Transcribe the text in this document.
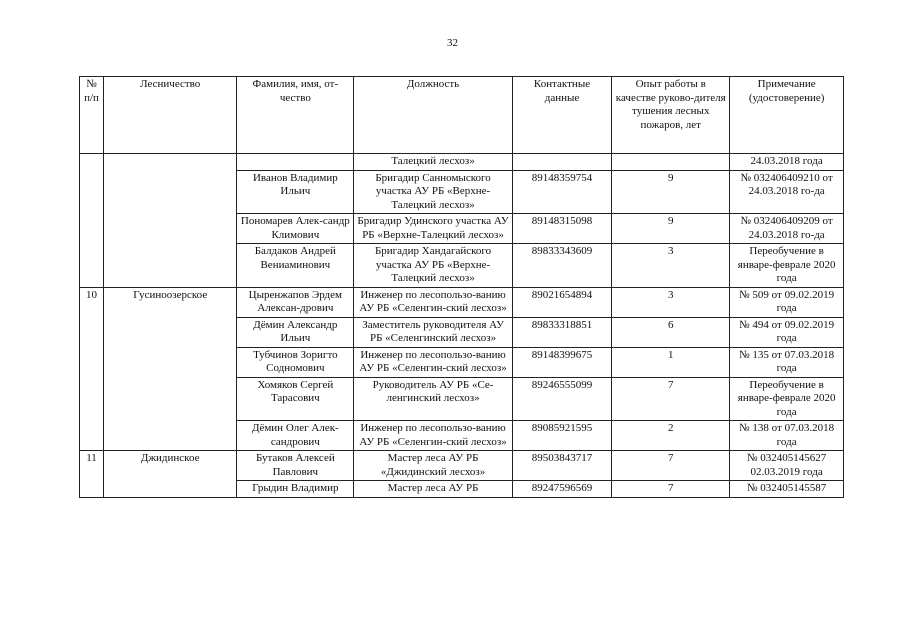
32
№ п/п	Лесничество	Фамилия, имя, от-чество	Должность	Контактные данные	Опыт работы в качестве руково-дителя тушения лесных пожаров, лет	Примечание (удостоверение)
			Талецкий лесхоз»			24.03.2018 года
		Иванов Владимир Ильич	Бригадир Санномыского участка АУ РБ «Верхне-Талецкий лесхоз»	89148359754	9	№ 032406409210 от 24.03.2018 го-да
		Пономарев Алек-сандр Климович	Бригадир Удинского участка АУ РБ «Верхне-Талецкий лесхоз»	89148315098	9	№ 032406409209 от 24.03.2018 го-да
		Балдаков Андрей Вениаминович	Бригадир Хандагайского участка АУ РБ «Верхне-Талецкий лесхоз»	89833343609	3	Переобучение в январе-феврале 2020 года
10	Гусиноозерское	Цыренжапов Эрдем Алексан-дрович	Инженер по лесопользо-ванию АУ РБ «Селенгин-ский лесхоз»	89021654894	3	№ 509 от 09.02.2019 года
		Дёмин Александр Ильич	Заместитель руководителя АУ РБ «Селенгинский лесхоз»	89833318851	6	№ 494 от 09.02.2019 года
		Тубчинов Зоригто Содномович	Инженер по лесопользо-ванию АУ РБ «Селенгин-ский лесхоз»	89148399675	1	№ 135 от 07.03.2018 года
		Хомяков Сергей Тарасович	Руководитель АУ РБ «Се-ленгинский лесхоз»	89246555099	7	Переобучение в январе-феврале 2020 года
		Дёмин Олег Алек-сандрович	Инженер по лесопользо-ванию АУ РБ «Селенгин-ский лесхоз»	89085921595	2	№ 138 от 07.03.2018 года
11	Джидинское	Бутаков Алексей Павлович	Мастер леса АУ РБ «Джидинский лесхоз»	89503843717	7	№ 032405145627 02.03.2019 года
		Грыдин Владимир	Мастер леса АУ РБ	89247596569	7	№ 032405145587
